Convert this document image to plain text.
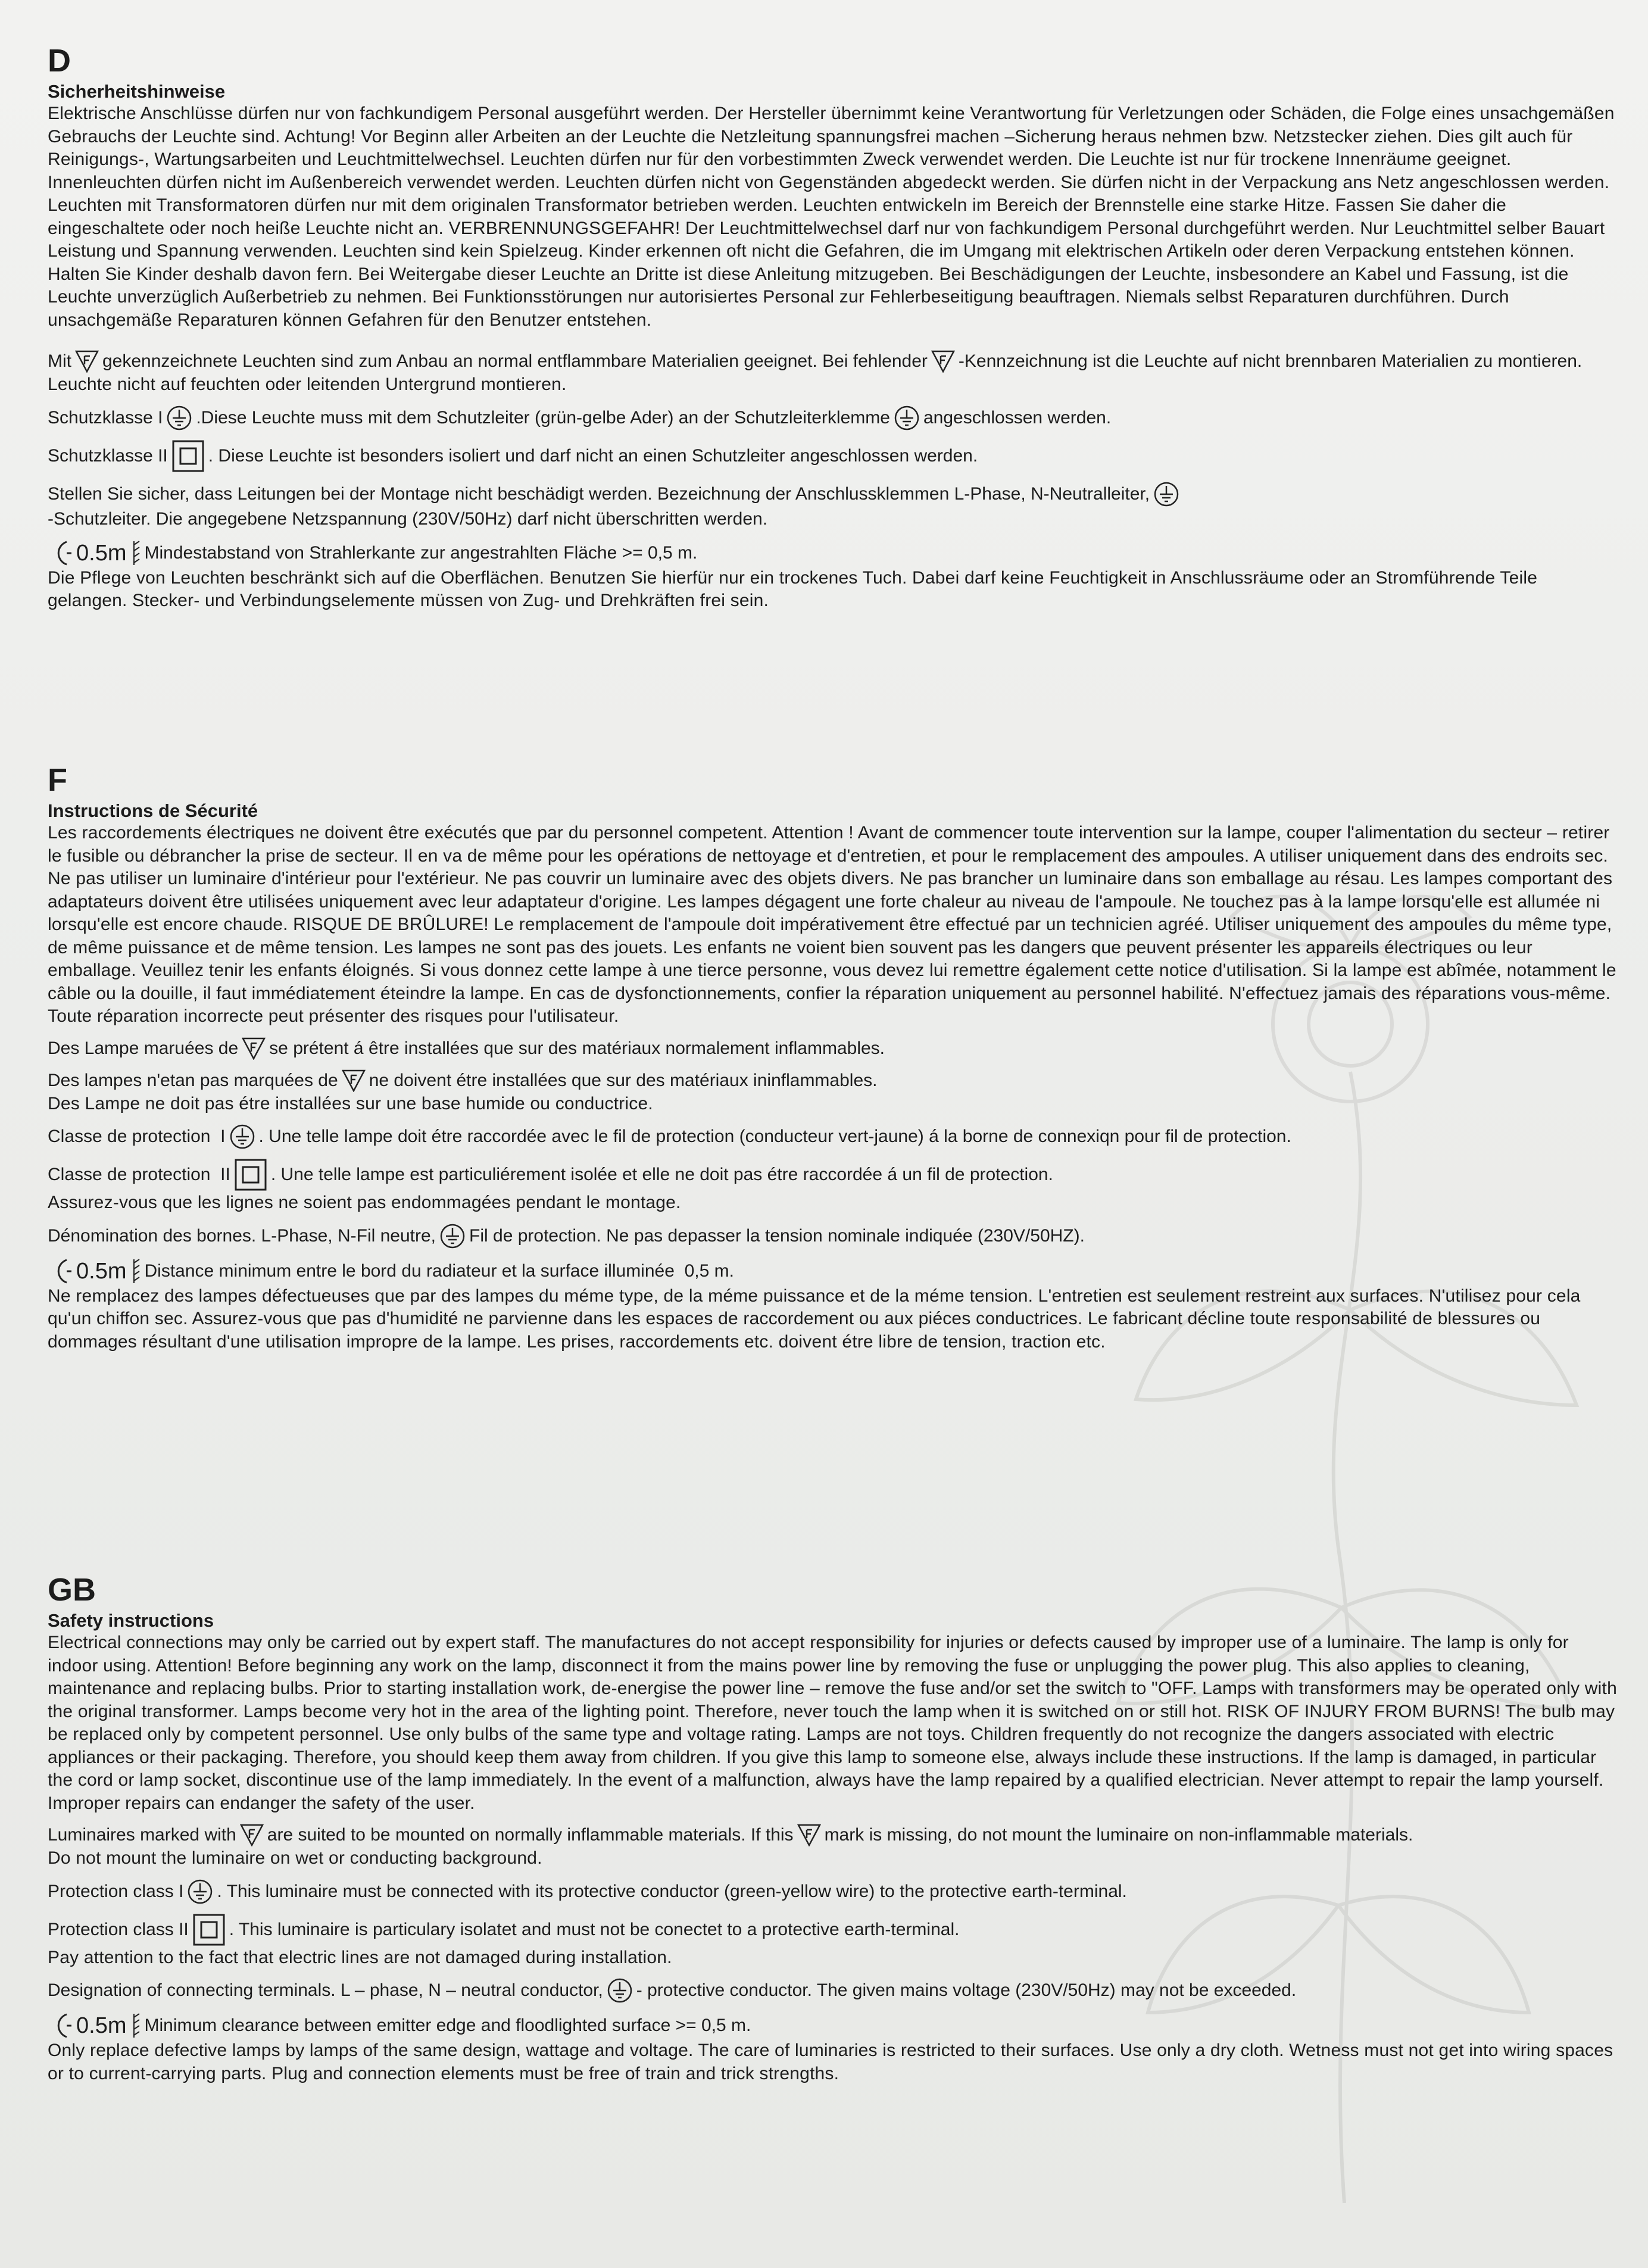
D
Sicherheitshinweise

Elektrische Anschlüsse dürfen nur von fachkundigem Personal ausgeführt werden. Der Hersteller übernimmt keine Verantwortung für Verletzungen oder Schäden, die Folge eines unsachgemäßen Gebrauchs der Leuchte sind. Achtung! Vor Beginn aller Arbeiten an der Leuchte die Netzleitung spannungsfrei machen –Sicherung heraus nehmen bzw. Netzstecker ziehen. Dies gilt auch für Reinigungs-, Wartungsarbeiten und Leuchtmittelwechsel. Leuchten dürfen nur für den vorbestimmten Zweck verwendet werden. Die Leuchte ist nur für trockene Innenräume geeignet. Innenleuchten dürfen nicht im Außenbereich verwendet werden. Leuchten dürfen nicht von Gegenständen abgedeckt werden. Sie dürfen nicht in der Verpackung ans Netz angeschlossen werden. Leuchten mit Transformatoren dürfen nur mit dem originalen Transformator betrieben werden. Leuchten entwickeln im Bereich der Brennstelle eine starke Hitze. Fassen Sie daher die eingeschaltete oder noch heiße Leuchte nicht an. VERBRENNUNGSGEFAHR! Der Leuchtmittelwechsel darf nur von fachkundigem Personal durchgeführt werden. Nur Leuchtmittel selber Bauart Leistung und Spannung verwenden. Leuchten sind kein Spielzeug. Kinder erkennen oft nicht die Gefahren, die im Umgang mit elektrischen Artikeln oder deren Verpackung entstehen können. Halten Sie Kinder deshalb davon fern. Bei Weitergabe dieser Leuchte an Dritte ist diese Anleitung mitzugeben. Bei Beschädigungen der Leuchte, insbesondere an Kabel und Fassung, ist die Leuchte unverzüglich Außerbetrieb zu nehmen. Bei Funktionsstörungen nur autorisiertes Personal zur Fehlerbeseitigung beauftragen. Niemals selbst Reparaturen durchführen. Durch unsachgemäße Reparaturen können Gefahren für den Benutzer entstehen.

Mit gekennzeichnete Leuchten sind zum Anbau an normal entflammbare Materialien geeignet. Bei fehlender -Kennzeichnung ist die Leuchte auf nicht brennbaren Materialien zu montieren.

Leuchte nicht auf feuchten oder leitenden Untergrund montieren.

Schutzklasse I .Diese Leuchte muss mit dem Schutzleiter (grün-gelbe Ader) an der Schutzleiterklemme angeschlossen werden.
Schutzklasse II . Diese Leuchte ist besonders isoliert und darf nicht an einen Schutzleiter angeschlossen werden.
Stellen Sie sicher, dass Leitungen bei der Montage nicht beschädigt werden. Bezeichnung der Anschlussklemmen L-Phase, N-Neutralleiter,
-Schutzleiter. Die angegebene Netzspannung (230V/50Hz) darf nicht überschritten werden.
0.5m Mindestabstand von Strahlerkante zur angestrahlten Fläche >= 0,5 m.

Die Pflege von Leuchten beschränkt sich auf die Oberflächen. Benutzen Sie hierfür nur ein trockenes Tuch. Dabei darf keine Feuchtigkeit in Anschlussräume oder an Stromführende Teile gelangen. Stecker- und Verbindungselemente müssen von Zug- und Drehkräften frei sein.

F
Instructions de Sécurité

Les raccordements électriques ne doivent être exécutés que par du personnel competent. Attention ! Avant de commencer toute intervention sur la lampe, couper l'alimentation du secteur – retirer le fusible ou débrancher la prise de secteur. Il en va de même pour les opérations de nettoyage et d'entretien, et pour le remplacement des ampoules. A utiliser uniquement dans des endroits sec. Ne pas utiliser un luminaire d'intérieur pour l'extérieur. Ne pas couvrir un luminaire avec des objets divers. Ne pas brancher un luminaire dans son emballage au résau. Les lampes comportant des adaptateurs doivent être utilisées uniquement avec leur adaptateur d'origine. Les lampes dégagent une forte chaleur au niveau de l'ampoule. Ne touchez pas à la lampe lorsqu'elle est allumée ni lorsqu'elle est encore chaude. RISQUE DE BRÛLURE! Le remplacement de l'ampoule doit impérativement être effectué par un technicien agréé. Utiliser uniquement des ampoules du même type, de même puissance et de même tension. Les lampes ne sont pas des jouets. Les enfants ne voient bien souvent pas les dangers que peuvent présenter les appareils électriques ou leur emballage. Veuillez tenir les enfants éloignés. Si vous donnez cette lampe à une tierce personne, vous devez lui remettre également cette notice d'utilisation. Si la lampe est abîmée, notamment le câble ou la douille, il faut immédiatement éteindre la lampe. En cas de dysfonctionnements, confier la réparation uniquement au personnel habilité. N'effectuez jamais des réparations vous-même. Toute réparation incorrecte peut présenter des risques pour l'utilisateur.

Des Lampe maruées de se prétent á être installées que sur des matériaux normalement inflammables.
Des lampes n'etan pas marquées de ne doivent étre installées que sur des matériaux ininflammables.

Des Lampe ne doit pas étre installées sur une base humide ou conductrice.

Classe de protection  I . Une telle lampe doit étre raccordée avec le fil de protection (conducteur vert-jaune) á la borne de connexiqn pour fil de protection.
Classe de protection  II . Une telle lampe est particuliérement isolée et elle ne doit pas étre raccordée á un fil de protection.

Assurez-vous que les lignes ne soient pas endommagées pendant le montage.

Dénomination des bornes. L-Phase, N-Fil neutre, Fil de protection. Ne pas depasser la tension nominale indiquée (230V/50HZ).
0.5m Distance minimum entre le bord du radiateur et la surface illuminée  0,5 m.

Ne remplacez des lampes défectueuses que par des lampes du méme type, de la méme puissance et de la méme tension. L'entretien est seulement restreint aux surfaces. N'utilisez pour cela qu'un chiffon sec. Assurez-vous que pas d'humidité ne parvienne dans les espaces de raccordement ou aux piéces conductrices. Le fabricant décline toute responsabilité de blessures ou dommages résultant d'une utilisation impropre de la lampe. Les prises, raccordements etc. doivent étre libre de tension, traction etc.

GB
Safety instructions

Electrical connections may only be carried out by expert staff. The manufactures do not accept responsibility for injuries or defects caused by improper use of a luminaire. The lamp is only for indoor using. Attention! Before beginning any work on the lamp, disconnect it from the mains power line by removing the fuse or unplugging the power plug. This also applies to cleaning, maintenance and replacing bulbs. Prior to starting installation work, de-energise the power line – remove the fuse and/or set the switch to "OFF. Lamps with transformers may be operated only with the original transformer. Lamps become very hot in the area of the lighting point. Therefore, never touch the lamp when it is switched on or still hot. RISK OF INJURY FROM BURNS! The bulb may be replaced only by competent personnel. Use only bulbs of the same type and voltage rating. Lamps are not toys. Children frequently do not recognize the dangers associated with electric appliances or their packaging. Therefore, you should keep them away from children. If you give this lamp to someone else, always include these instructions. If the lamp is damaged, in particular the cord or lamp socket, discontinue use of the lamp immediately. In the event of a malfunction, always have the lamp repaired by a qualified electrician. Never attempt to repair the lamp yourself. Improper repairs can endanger the safety of the user.

Luminaires marked with are suited to be mounted on normally inflammable materials. If this mark is missing, do not mount the luminaire on non-inflammable materials.

Do not mount the luminaire on wet or conducting background.

Protection class I . This luminaire must be connected with its protective conductor (green-yellow wire) to the protective earth-terminal.
Protection class II . This luminaire is particulary isolatet and must not be conectet to a protective earth-terminal.

Pay attention to the fact that electric lines are not damaged during installation.

Designation of connecting terminals. L – phase, N – neutral conductor, - protective conductor. The given mains voltage (230V/50Hz) may not be exceeded.
0.5m Minimum clearance between emitter edge and floodlighted surface >= 0,5 m.

Only replace defective lamps by lamps of the same design, wattage and voltage. The care of luminaries is restricted to their surfaces. Use only a dry cloth. Wetness must not get into wiring spaces or to current-carrying parts. Plug and connection elements must be free of train and trick strengths.
